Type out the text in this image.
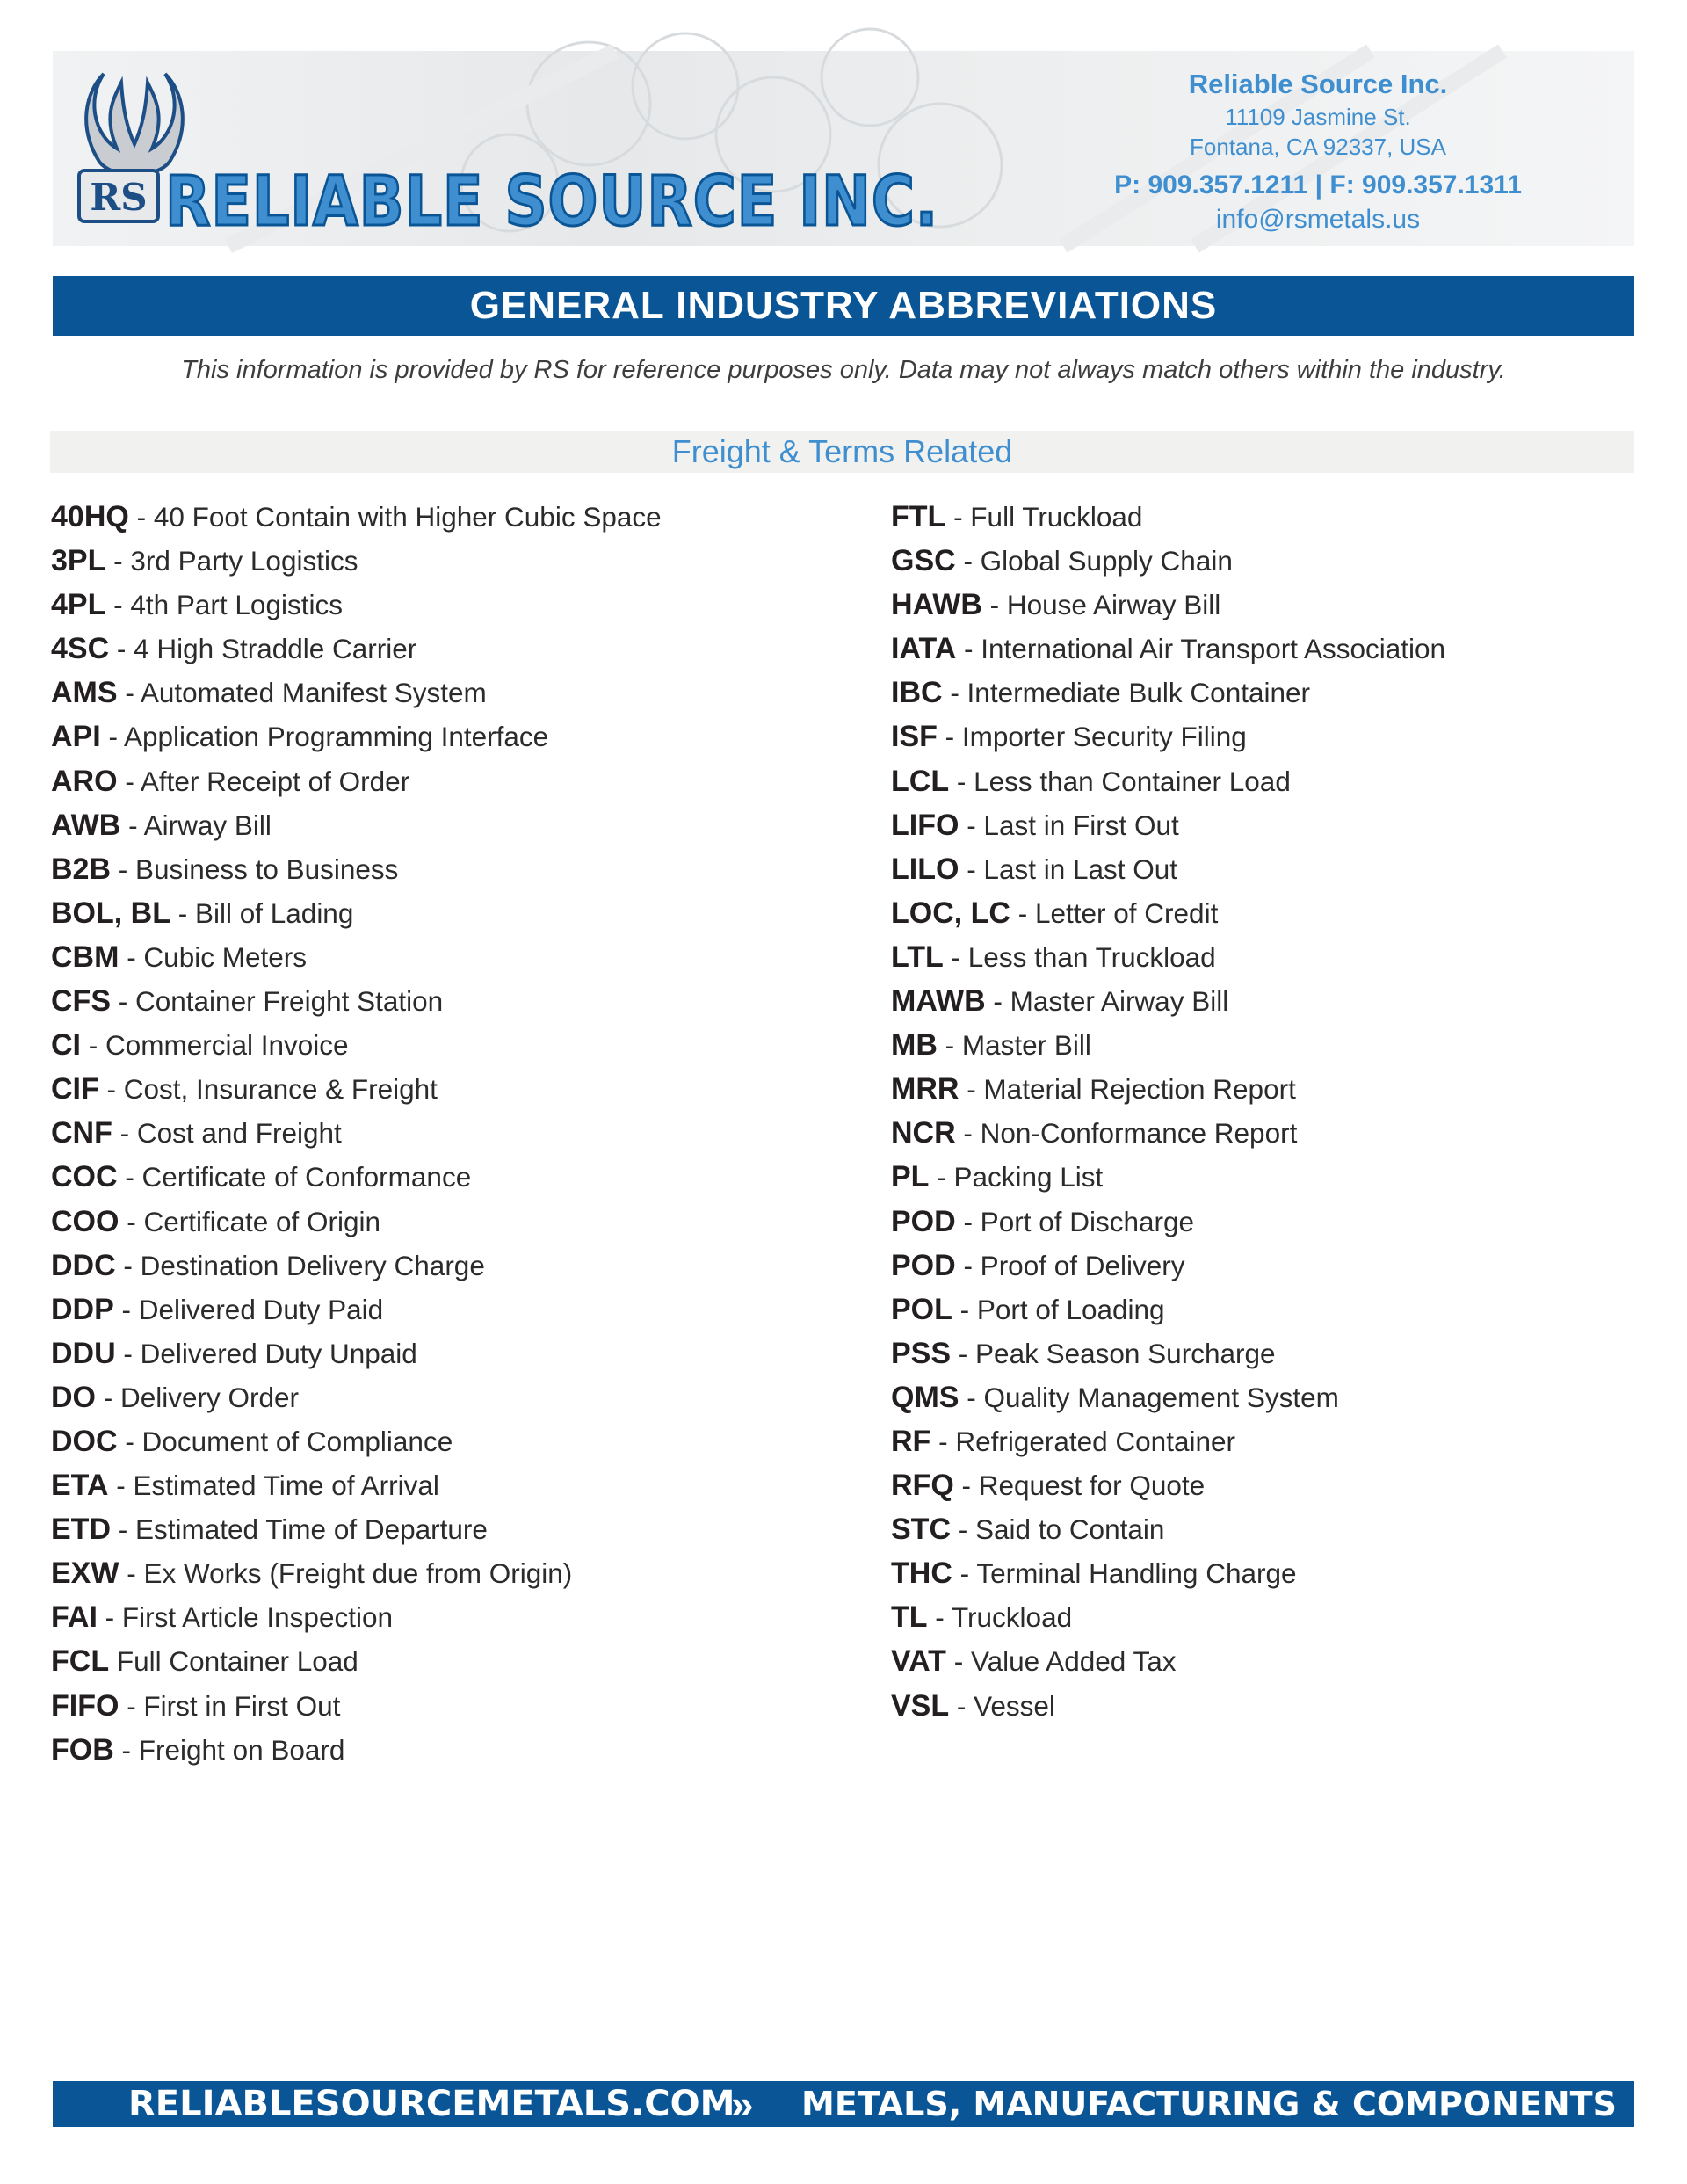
RS RELIABLE SOURCE INC.
Reliable Source Inc.
11109 Jasmine St.
Fontana, CA 92337, USA
P: 909.357.1211 | F: 909.357.1311
info@rsmetals.us
GENERAL INDUSTRY ABBREVIATIONS
This information is provided by RS for reference purposes only. Data may not always match others within the industry.
Freight & Terms Related
40HQ - 40 Foot Contain with Higher Cubic Space
3PL - 3rd Party Logistics
4PL - 4th Part Logistics
4SC - 4 High Straddle Carrier
AMS - Automated Manifest System
API - Application Programming Interface
ARO - After Receipt of Order
AWB - Airway Bill
B2B - Business to Business
BOL, BL - Bill of Lading
CBM - Cubic Meters
CFS - Container Freight Station
CI - Commercial Invoice
CIF - Cost, Insurance & Freight
CNF - Cost and Freight
COC - Certificate of Conformance
COO - Certificate of Origin
DDC - Destination Delivery Charge
DDP - Delivered Duty Paid
DDU - Delivered Duty Unpaid
DO - Delivery Order
DOC - Document of Compliance
ETA - Estimated Time of Arrival
ETD - Estimated Time of Departure
EXW - Ex Works (Freight due from Origin)
FAI - First Article Inspection
FCL Full Container Load
FIFO - First in First Out
FOB - Freight on Board
FTL - Full Truckload
GSC - Global Supply Chain
HAWB - House Airway Bill
IATA - International Air Transport Association
IBC - Intermediate Bulk Container
ISF - Importer Security Filing
LCL - Less than Container Load
LIFO - Last in First Out
LILO - Last in Last Out
LOC, LC - Letter of Credit
LTL - Less than Truckload
MAWB - Master Airway Bill
MB - Master Bill
MRR - Material Rejection Report
NCR - Non-Conformance Report
PL - Packing List
POD - Port of Discharge
POD - Proof of Delivery
POL - Port of Loading
PSS - Peak Season Surcharge
QMS - Quality Management System
RF - Refrigerated Container
RFQ - Request for Quote
STC - Said to Contain
THC - Terminal Handling Charge
TL - Truckload
VAT - Value Added Tax
VSL - Vessel
RELIABLESOURCEMETALS.COM
» METALS, MANUFACTURING & COMPONENTS
